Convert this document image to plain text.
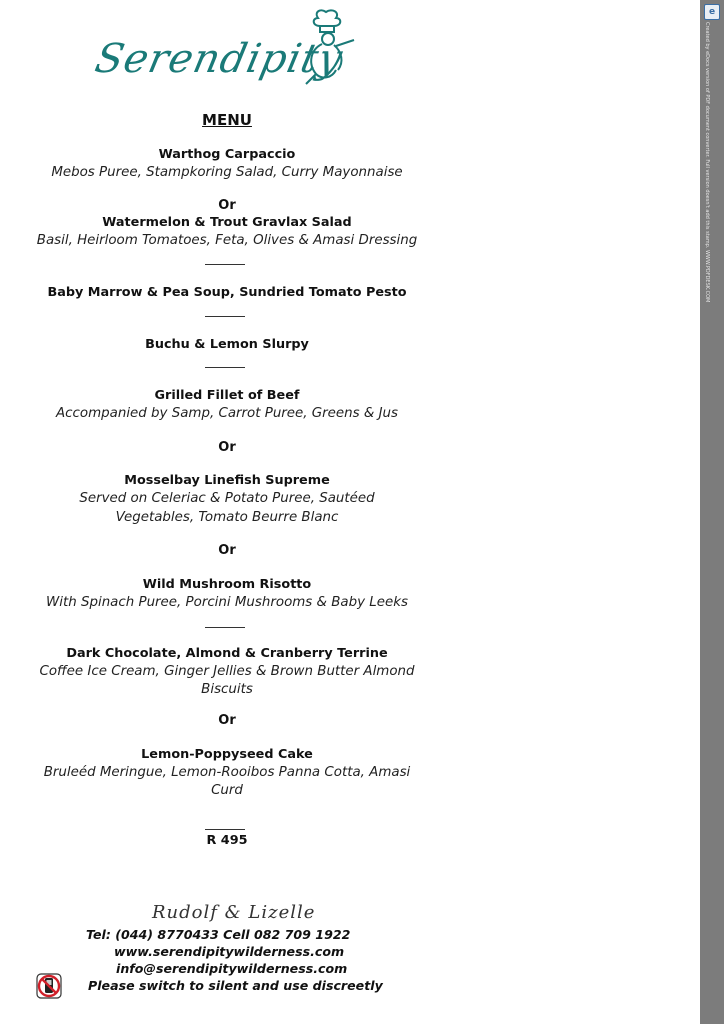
Serendipity
MENU
Warthog Carpaccio
Mebos Puree, Stampkoring Salad, Curry Mayonnaise
Or
Watermelon & Trout Gravlax Salad
Basil, Heirloom Tomatoes, Feta, Olives & Amasi Dressing
Baby Marrow & Pea Soup, Sundried Tomato Pesto
Buchu & Lemon Slurpy
Grilled Fillet of Beef
Accompanied by Samp, Carrot Puree, Greens & Jus
Or
Mosselbay Linefish Supreme
Served on Celeriac & Potato Puree, Sautéed
Vegetables, Tomato Beurre Blanc
Or
Wild Mushroom Risotto
With Spinach Puree, Porcini Mushrooms & Baby Leeks
Dark Chocolate, Almond & Cranberry Terrine
Coffee Ice Cream, Ginger Jellies & Brown Butter Almond
Biscuits
Or
Lemon-Poppyseed Cake
Bruleéd Meringue, Lemon-Rooibos Panna Cotta, Amasi
Curd
R 495
Rudolf & Lizelle
Tel: (044) 8770433 Cell 082 709 1922
www.serendipitywilderness.com
info@serendipitywilderness.com
Please switch to silent and use discreetly
e
Created by eDocs version of PDF document converter. Full version doesn't add this stamp. WWW.PDFDESK.COM
